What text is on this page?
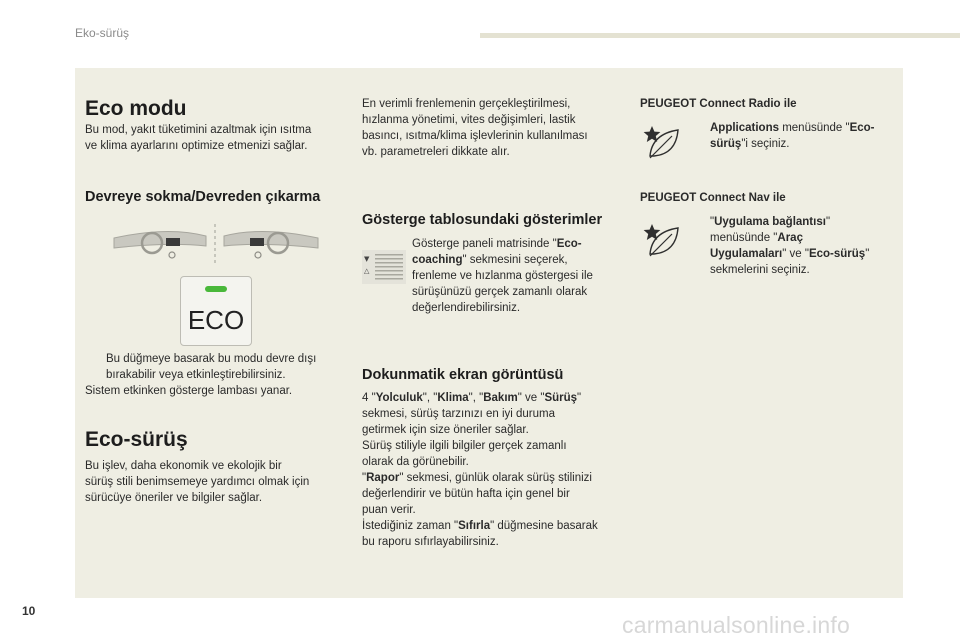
Eko-sürüş
Eco modu

Bu mod, yakıt tüketimini azaltmak için ısıtma

ve klima ayarlarını optimize etmenizi sağlar.

Devreye sokma/Devreden çıkarma
ECO

Bu düğmeye basarak bu modu devre dışı

bırakabilir veya etkinleştirebilirsiniz.

Sistem etkinken gösterge lambası yanar.

Eco-sürüş

Bu işlev, daha ekonomik ve ekolojik bir

sürüş stili benimsemeye yardımcı olmak için

sürücüye öneriler ve bilgiler sağlar.

En verimli frenlemenin gerçekleştirilmesi,

hızlanma yönetimi, vites değişimleri, lastik

basıncı, ısıtma/klima işlevlerinin kullanılması

vb. parametreleri dikkate alır.

Gösterge tablosundaki gösterimler
▼
△

Gösterge paneli matrisinde "Eco-

coaching" sekmesini seçerek,

frenleme ve hızlanma göstergesi ile

sürüşünüzü gerçek zamanlı olarak

değerlendirebilirsiniz.

Dokunmatik ekran görüntüsü

4 "Yolculuk", "Klima", "Bakım" ve "Sürüş"

sekmesi, sürüş tarzınızı en iyi duruma

getirmek için size öneriler sağlar.

Sürüş stiliyle ilgili bilgiler gerçek zamanlı

olarak da görünebilir.

"Rapor" sekmesi, günlük olarak sürüş stilinizi

değerlendirir ve bütün hafta için genel bir

puan verir.

İstediğiniz zaman "Sıfırla" düğmesine basarak

bu raporu sıfırlayabilirsiniz.

PEUGEOT Connect Radio ile

Applications menüsünde "Eco-

sürüş"i seçiniz.

PEUGEOT Connect Nav ile

"Uygulama bağlantısı"

menüsünde "Araç

Uygulamaları" ve "Eco-sürüş"

sekmelerini seçiniz.

10
carmanualsonline.info
